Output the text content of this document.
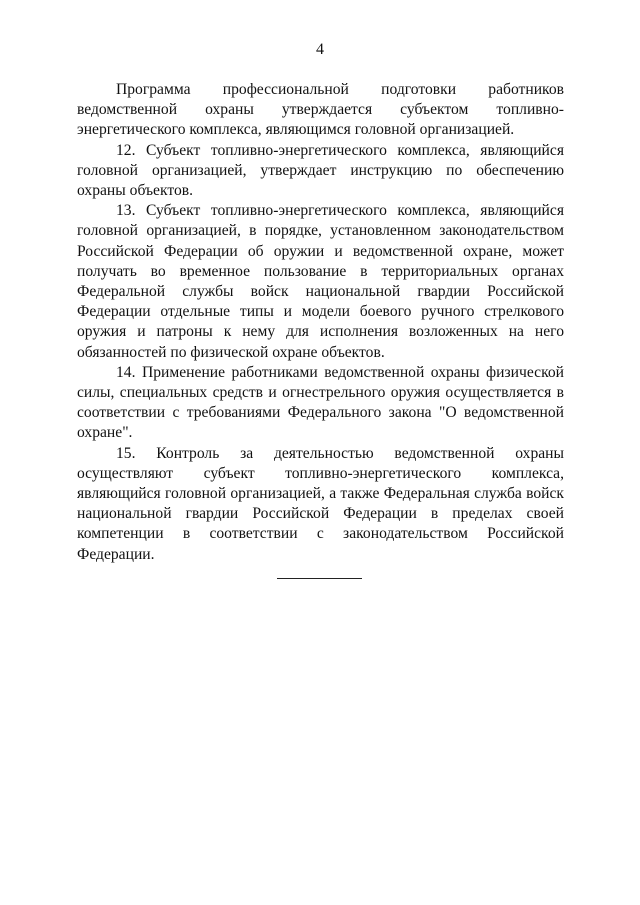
4

Программа профессиональной подготовки работников ведомственной охраны утверждается субъектом топливно-энергетического комплекса, являющимся головной организацией.

12. Субъект топливно-энергетического комплекса, являющийся головной организацией, утверждает инструкцию по обеспечению охраны объектов.

13. Субъект топливно-энергетического комплекса, являющийся головной организацией, в порядке, установленном законодательством Российской Федерации об оружии и ведомственной охране, может получать во временное пользование в территориальных органах Федеральной службы войск национальной гвардии Российской Федерации отдельные типы и модели боевого ручного стрелкового оружия и патроны к нему для исполнения возложенных на него обязанностей по физической охране объектов.

14. Применение работниками ведомственной охраны физической силы, специальных средств и огнестрельного оружия осуществляется в соответствии с требованиями Федерального закона "О ведомственной охране".

15. Контроль за деятельностью ведомственной охраны осуществляют субъект топливно-энергетического комплекса, являющийся головной организацией, а также Федеральная служба войск национальной гвардии Российской Федерации в пределах своей компетенции в соответствии с законодательством Российской Федерации.
